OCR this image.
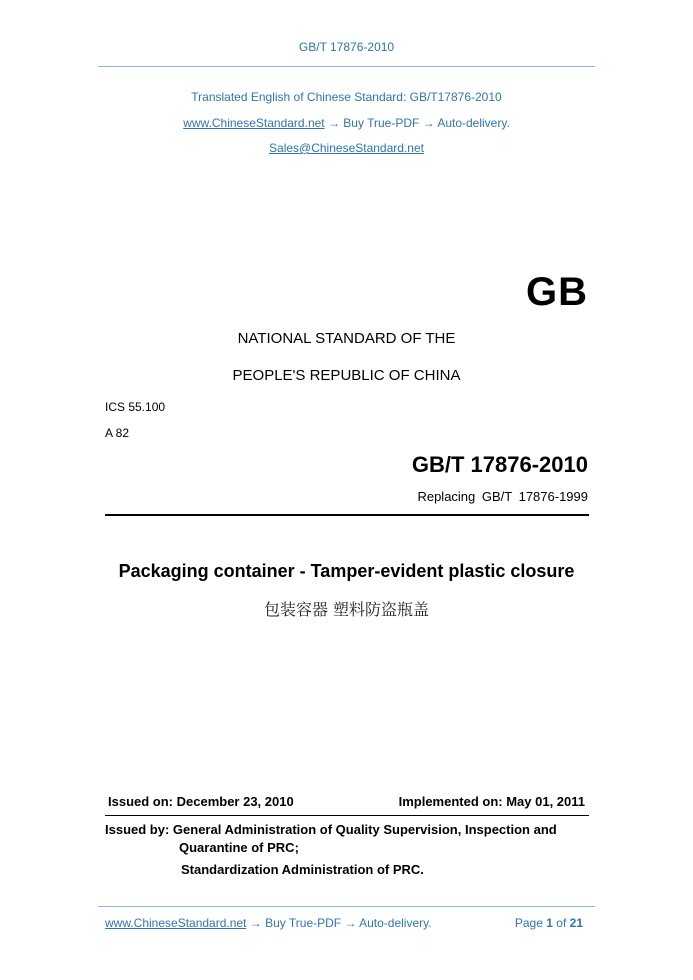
GB/T 17876-2010
Translated English of Chinese Standard: GB/T17876-2010
www.ChineseStandard.net → Buy True-PDF → Auto-delivery.
Sales@ChineseStandard.net
GB
NATIONAL STANDARD OF THE
PEOPLE'S REPUBLIC OF CHINA
ICS 55.100
A 82
GB/T 17876-2010
Replacing GB/T 17876-1999
Packaging container - Tamper-evident plastic closure
包装容器 塑料防盗瓶盖
Issued on: December 23, 2010	Implemented on: May 01, 2011
Issued by: General Administration of Quality Supervision, Inspection and
Quarantine of PRC;
Standardization Administration of PRC.
www.ChineseStandard.net → Buy True-PDF → Auto-delivery.	Page 1 of 21
